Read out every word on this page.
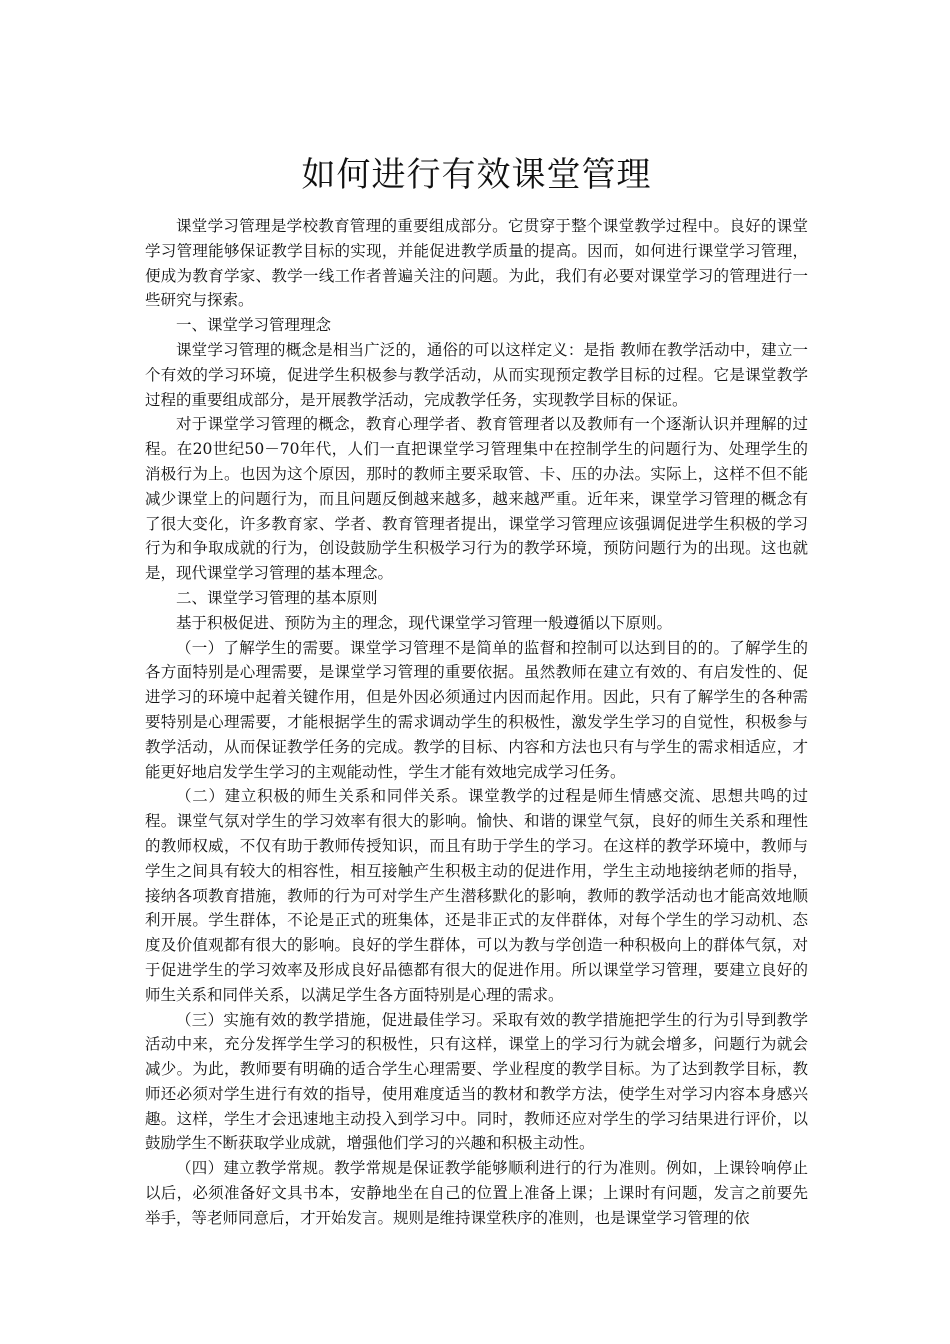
如何进行有效课堂管理

课堂学习管理是学校教育管理的重要组成部分。它贯穿于整个课堂教学过程中。良好的课堂学习管理能够保证教学目标的实现，并能促进教学质量的提高。因而，如何进行课堂学习管理，便成为教育学家、教学一线工作者普遍关注的问题。为此，我们有必要对课堂学习的管理进行一些研究与探索。

一、课堂学习管理理念

课堂学习管理的概念是相当广泛的，通俗的可以这样定义：是指 教师在教学活动中，建立一个有效的学习环境，促进学生积极参与教学活动，从而实现预定教学目标的过程。它是课堂教学过程的重要组成部分，是开展教学活动，完成教学任务，实现教学目标的保证。

对于课堂学习管理的概念，教育心理学者、教育管理者以及教师有一个逐渐认识并理解的过程。在20世纪50－70年代，人们一直把课堂学习管理集中在控制学生的问题行为、处理学生的消极行为上。也因为这个原因，那时的教师主要采取管、卡、压的办法。实际上，这样不但不能减少课堂上的问题行为，而且问题反倒越来越多，越来越严重。近年来，课堂学习管理的概念有了很大变化，许多教育家、学者、教育管理者提出，课堂学习管理应该强调促进学生积极的学习行为和争取成就的行为，创设鼓励学生积极学习行为的教学环境，预防问题行为的出现。这也就是，现代课堂学习管理的基本理念。

二、课堂学习管理的基本原则

基于积极促进、预防为主的理念，现代课堂学习管理一般遵循以下原则。

（一）了解学生的需要。课堂学习管理不是简单的监督和控制可以达到目的的。了解学生的各方面特别是心理需要，是课堂学习管理的重要依据。虽然教师在建立有效的、有启发性的、促进学习的环境中起着关键作用，但是外因必须通过内因而起作用。因此，只有了解学生的各种需要特别是心理需要，才能根据学生的需求调动学生的积极性，激发学生学习的自觉性，积极参与教学活动，从而保证教学任务的完成。教学的目标、内容和方法也只有与学生的需求相适应，才能更好地启发学生学习的主观能动性，学生才能有效地完成学习任务。

（二）建立积极的师生关系和同伴关系。课堂教学的过程是师生情感交流、思想共鸣的过程。课堂气氛对学生的学习效率有很大的影响。愉快、和谐的课堂气氛，良好的师生关系和理性的教师权威，不仅有助于教师传授知识，而且有助于学生的学习。在这样的教学环境中，教师与学生之间具有较大的相容性，相互接触产生积极主动的促进作用，学生主动地接纳老师的指导，接纳各项教育措施，教师的行为可对学生产生潜移默化的影响，教师的教学活动也才能高效地顺利开展。学生群体，不论是正式的班集体，还是非正式的友伴群体，对每个学生的学习动机、态度及价值观都有很大的影响。良好的学生群体，可以为教与学创造一种积极向上的群体气氛，对于促进学生的学习效率及形成良好品德都有很大的促进作用。所以课堂学习管理，要建立良好的师生关系和同伴关系，以满足学生各方面特别是心理的需求。

（三）实施有效的教学措施，促进最佳学习。采取有效的教学措施把学生的行为引导到教学活动中来，充分发挥学生学习的积极性，只有这样，课堂上的学习行为就会增多，问题行为就会减少。为此，教师要有明确的适合学生心理需要、学业程度的教学目标。为了达到教学目标，教师还必须对学生进行有效的指导，使用难度适当的教材和教学方法，使学生对学习内容本身感兴趣。这样，学生才会迅速地主动投入到学习中。同时，教师还应对学生的学习结果进行评价，以鼓励学生不断获取学业成就，增强他们学习的兴趣和积极主动性。

（四）建立教学常规。教学常规是保证教学能够顺利进行的行为准则。例如，上课铃响停止以后，必须准备好文具书本，安静地坐在自己的位置上准备上课；上课时有问题，发言之前要先举手，等老师同意后，才开始发言。规则是维持课堂秩序的准则，也是课堂学习管理的依
